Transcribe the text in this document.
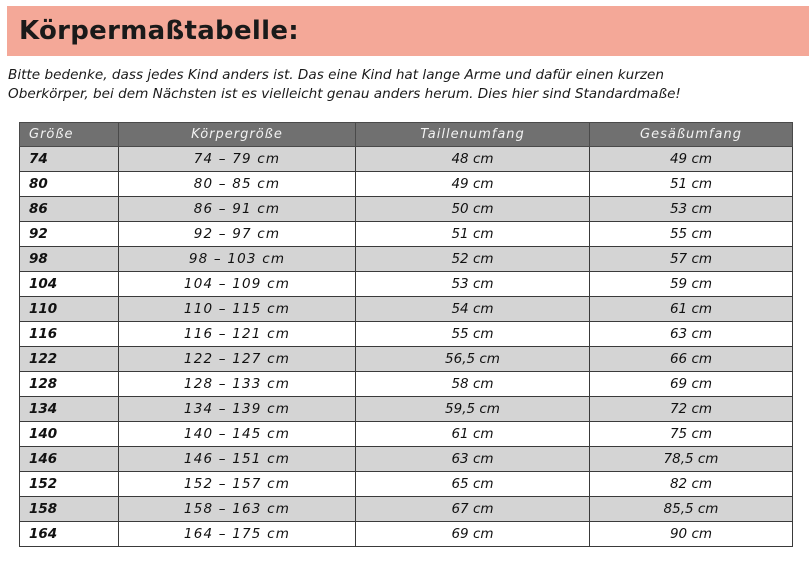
Körpermaßtabelle:
Bitte bedenke, dass jedes Kind anders ist. Das eine Kind hat lange Arme und dafür einen kurzen
Oberkörper, bei dem Nächsten ist es vielleicht genau anders herum. Dies hier sind Standardmaße!
Größe	Körpergröße	Taillenumfang	Gesäßumfang
74	74 – 79 cm	48 cm	49 cm
80	80 – 85 cm	49 cm	51 cm
86	86 – 91 cm	50 cm	53 cm
92	92 – 97 cm	51 cm	55 cm
98	98 – 103 cm	52 cm	57 cm
104	104 – 109 cm	53 cm	59 cm
110	110 – 115 cm	54 cm	61 cm
116	116 – 121 cm	55 cm	63 cm
122	122 – 127 cm	56,5 cm	66 cm
128	128 – 133 cm	58 cm	69 cm
134	134 – 139 cm	59,5 cm	72 cm
140	140 – 145 cm	61 cm	75 cm
146	146 – 151 cm	63 cm	78,5 cm
152	152 – 157 cm	65 cm	82 cm
158	158 – 163 cm	67 cm	85,5 cm
164	164 – 175 cm	69 cm	90 cm
